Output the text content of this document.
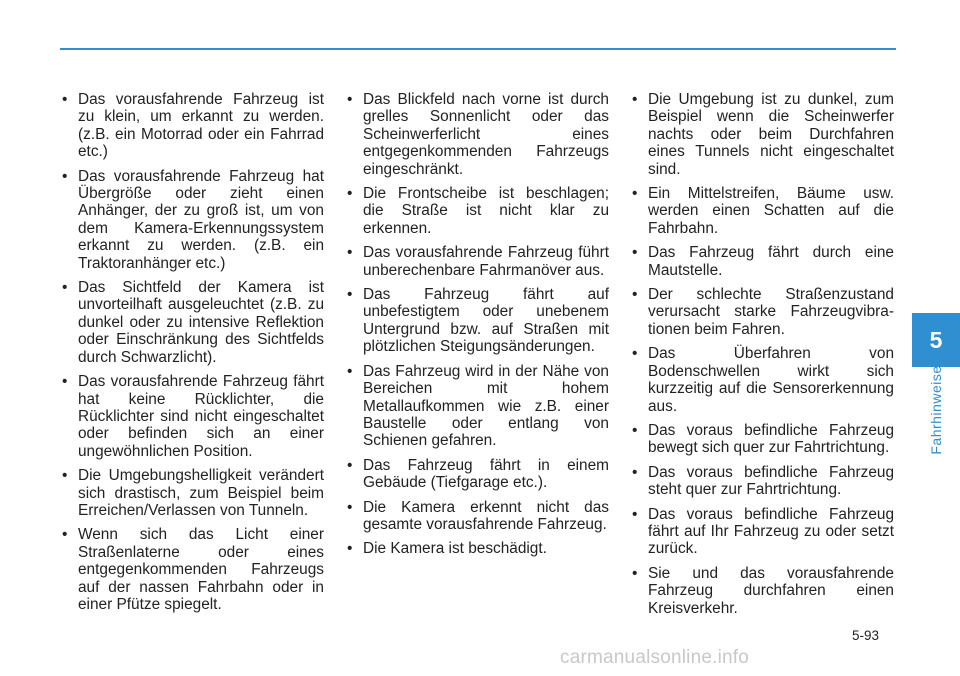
• Das vorausfahrende Fahrzeug ist zu klein, um erkannt zu werden. (z.B. ein Motorrad oder ein Fahrrad etc.)
• Das vorausfahrende Fahrzeug hat Übergröße oder zieht einen Anhänger, der zu groß ist, um von dem Kamera-Erkennungssystem erkannt zu werden. (z.B. ein Traktoranhänger etc.)
• Das Sichtfeld der Kamera ist unvorteilhaft ausgeleuchtet (z.B. zu dunkel oder zu intensive Reflektion oder Einschränkung des Sichtfelds durch Schwarzlicht).
• Das vorausfahrende Fahrzeug fährt hat keine Rücklichter, die Rücklichter sind nicht eingeschaltet oder befinden sich an einer ungewöhnlichen Position.
• Die Umgebungshelligkeit verändert sich drastisch, zum Beispiel beim Erreichen/Verlassen von Tunneln.
• Wenn sich das Licht einer Straßenlaterne oder eines entgegenkommenden Fahrzeugs auf der nassen Fahrbahn oder in einer Pfütze spiegelt.
• Das Blickfeld nach vorne ist durch grelles Sonnenlicht oder das Scheinwerferlicht eines entgegenkommenden Fahrzeugs eingeschränkt.
• Die Frontscheibe ist beschlagen; die Straße ist nicht klar zu erkennen.
• Das vorausfahrende Fahrzeug führt unberechenbare Fahrmanöver aus.
• Das Fahrzeug fährt auf unbefestigtem oder unebenem Untergrund bzw. auf Straßen mit plötzlichen Steigungsänderungen.
• Das Fahrzeug wird in der Nähe von Bereichen mit hohem Metallaufkommen wie z.B. einer Baustelle oder entlang von Schienen gefahren.
• Das Fahrzeug fährt in einem Gebäude (Tiefgarage etc.).
• Die Kamera erkennt nicht das gesamte vorausfahrende Fahrzeug.
• Die Kamera ist beschädigt.
• Die Umgebung ist zu dunkel, zum Beispiel wenn die Scheinwerfer nachts oder beim Durchfahren eines Tunnels nicht eingeschaltet sind.
• Ein Mittelstreifen, Bäume usw. werden einen Schatten auf die Fahrbahn.
• Das Fahrzeug fährt durch eine Mautstelle.
• Der schlechte Straßenzustand verursacht starke Fahrzeugvibrationen beim Fahren.
• Das Überfahren von Bodenschwellen wirkt sich kurzzeitig auf die Sensorerkennung aus.
• Das voraus befindliche Fahrzeug bewegt sich quer zur Fahrtrichtung.
• Das voraus befindliche Fahrzeug steht quer zur Fahrtrichtung.
• Das voraus befindliche Fahrzeug fährt auf Ihr Fahrzeug zu oder setzt zurück.
• Sie und das vorausfahrende Fahrzeug durchfahren einen Kreisverkehr.
5
Fahrhinweise
5-93
carmanualsonline.info
